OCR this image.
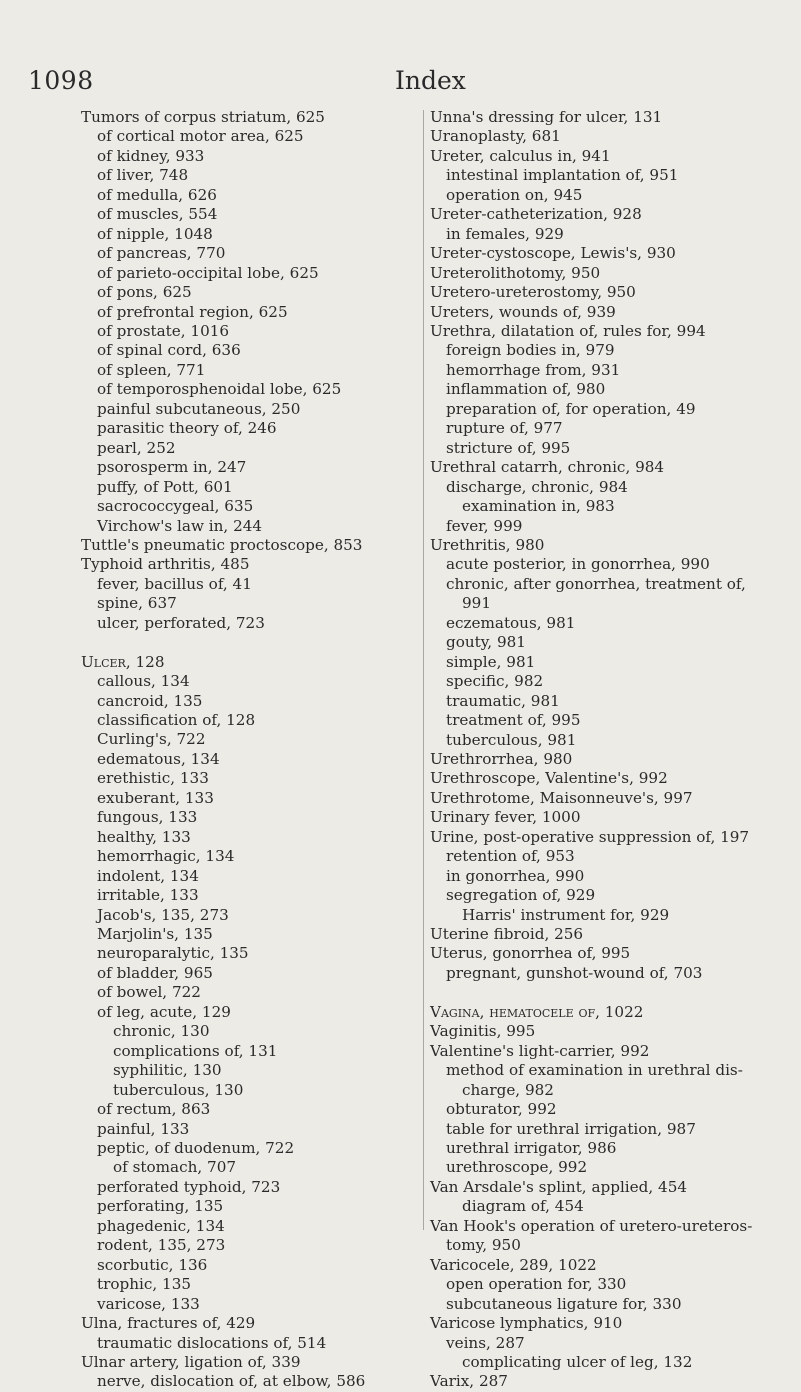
1098	Index
Tumors of corpus striatum, 625
of cortical motor area, 625
of kidney, 933
of liver, 748
of medulla, 626
of muscles, 554
of nipple, 1048
of pancreas, 770
of parieto-occipital lobe, 625
of pons, 625
of prefrontal region, 625
of prostate, 1016
of spinal cord, 636
of spleen, 771
of temporosphenoidal lobe, 625
painful subcutaneous, 250
parasitic theory of, 246
pearl, 252
psorosperm in, 247
puffy, of Pott, 601
sacrococcygeal, 635
Virchow's law in, 244
Tuttle's pneumatic proctoscope, 853
Typhoid arthritis, 485
fever, bacillus of, 41
spine, 637
ulcer, perforated, 723
Ulcer, 128
callous, 134
cancroid, 135
classification of, 128
Curling's, 722
edematous, 134
erethistic, 133
exuberant, 133
fungous, 133
healthy, 133
hemorrhagic, 134
indolent, 134
irritable, 133
Jacob's, 135, 273
Marjolin's, 135
neuroparalytic, 135
of bladder, 965
of bowel, 722
of leg, acute, 129
chronic, 130
complications of, 131
syphilitic, 130
tuberculous, 130
of rectum, 863
painful, 133
peptic, of duodenum, 722
of stomach, 707
perforated typhoid, 723
perforating, 135
phagedenic, 134
rodent, 135, 273
scorbutic, 136
trophic, 135
varicose, 133
Ulna, fractures of, 429
traumatic dislocations of, 514
Ulnar artery, ligation of, 339
nerve, dislocation of, at elbow, 586
Unna's dressing for ulcer, 131
Uranoplasty, 681
Ureter, calculus in, 941
intestinal implantation of, 951
operation on, 945
Ureter-catheterization, 928
in females, 929
Ureter-cystoscope, Lewis's, 930
Ureterolithotomy, 950
Uretero-ureterostomy, 950
Ureters, wounds of, 939
Urethra, dilatation of, rules for, 994
foreign bodies in, 979
hemorrhage from, 931
inflammation of, 980
preparation of, for operation, 49
rupture of, 977
stricture of, 995
Urethral catarrh, chronic, 984
discharge, chronic, 984
examination in, 983
fever, 999
Urethritis, 980
acute posterior, in gonorrhea, 990
chronic, after gonorrhea, treatment of,
991
eczematous, 981
gouty, 981
simple, 981
specific, 982
traumatic, 981
treatment of, 995
tuberculous, 981
Urethrorrhea, 980
Urethroscope, Valentine's, 992
Urethrotome, Maisonneuve's, 997
Urinary fever, 1000
Urine, post-operative suppression of, 197
retention of, 953
in gonorrhea, 990
segregation of, 929
Harris' instrument for, 929
Uterine fibroid, 256
Uterus, gonorrhea of, 995
pregnant, gunshot-wound of, 703
Vagina, hematocele of, 1022
Vaginitis, 995
Valentine's light-carrier, 992
method of examination in urethral dis-
charge, 982
obturator, 992
table for urethral irrigation, 987
urethral irrigator, 986
urethroscope, 992
Van Arsdale's splint, applied, 454
diagram of, 454
Van Hook's operation of uretero-ureteros-
tomy, 950
Varicocele, 289, 1022
open operation for, 330
subcutaneous ligature for, 330
Varicose lymphatics, 910
veins, 287
complicating ulcer of leg, 132
Varix, 287
